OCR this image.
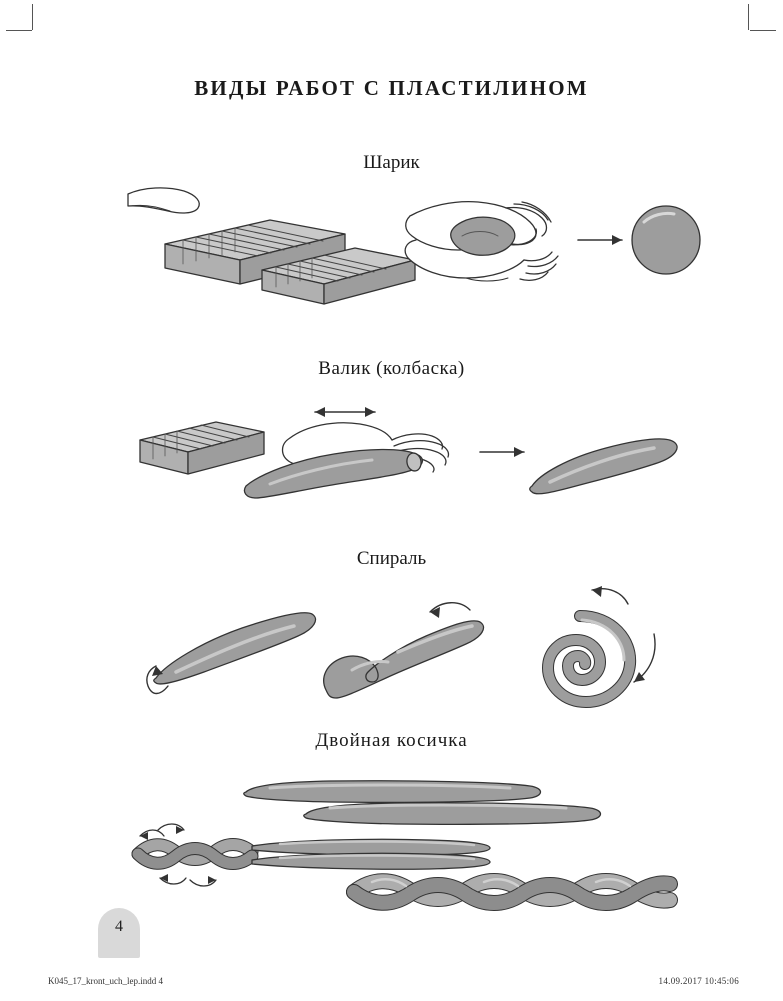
ВИДЫ РАБОТ С ПЛАСТИЛИНОМ
Шарик
Валик (колбаска)
Спираль
Двойная косичка
4
K045_17_kront_uch_lep.indd 4	14.09.2017 10:45:06
